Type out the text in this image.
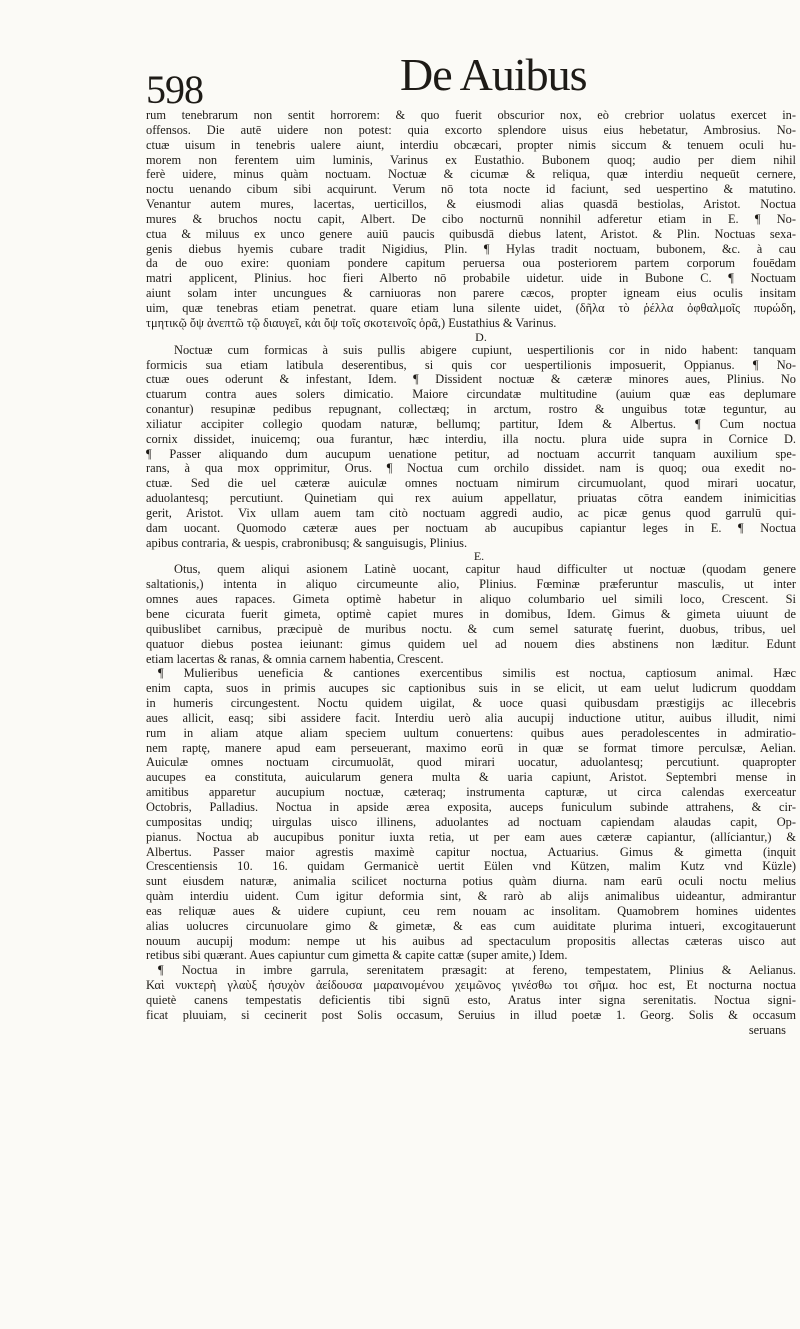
598	De Auibus
rum tenebrarum non sentit horrorem: & quo fuerit obscurior nox, eò crebrior uolatus exercet in-
offensos. Die autē uidere non potest: quia excorto splendore uisus eius hebetatur, Ambrosius. No-
ctuæ uisum in tenebris ualere aiunt, interdiu obcæcari, propter nimis siccum & tenuem oculi hu-
morem non ferentem uim luminis, Varinus ex Eustathio. Bubonem quoq; audio per diem nihil
ferè uidere, minus quàm noctuam. Noctuæ & cicumæ & reliqua, quæ interdiu nequeūt cernere,
noctu uenando cibum sibi acquirunt. Verum nō tota nocte id faciunt, sed uespertino & matutino.
Venantur autem mures, lacertas, uerticillos, & eiusmodi alias quasdā bestiolas, Aristot. Noctua
mures & bruchos noctu capit, Albert. De cibo nocturnū nonnihil adferetur etiam in E. ¶ No-
ctua & miluus ex unco genere auiū paucis quibusdā diebus latent, Aristot. & Plin. Noctuas sexa-
genis diebus hyemis cubare tradit Nigidius, Plin. ¶ Hylas tradit noctuam, bubonem, &c. à cau
da de ouo exire: quoniam pondere capitum peruersa oua posteriorem partem corporum fouēdam
matri applicent, Plinius. hoc fieri Alberto nō probabile uidetur. uide in Bubone C. ¶ Noctuam
aiunt solam inter uncungues & carniuoras non parere cæcos, propter igneam eius oculis insitam
uim, quæ tenebras etiam penetrat. quare etiam luna silente uidet, (δῆλα τὸ ῥέλλα ὀφθαλμοῖς πυρώδη,
τμητικῷ ὄψ ἀνεπτῶ τῷ διαυγεῖ, κἀι ὄψ τοῖς σκοτεινοῖς ὁρᾶ,) Eustathius & Varinus.
D.
Noctuæ cum formicas à suis pullis abigere cupiunt, uespertilionis cor in nido habent: tanquam
formicis sua etiam latibula deserentibus, si quis cor uespertilionis imposuerit, Oppianus. ¶ No-
ctuæ oues oderunt & infestant, Idem. ¶ Dissident noctuæ & cæteræ minores aues, Plinius. No
ctuarum contra aues solers dimicatio. Maiore circundatæ multitudine (auium quæ eas deplumare
conantur) resupinæ pedibus repugnant, collectæq; in arctum, rostro & unguibus totæ teguntur, au
xiliatur accipiter collegio quodam naturæ, bellumq; partitur, Idem & Albertus. ¶ Cum noctua
cornix dissidet, inuicemq; oua furantur, hæc interdiu, illa noctu. plura uide supra in Cornice D.
¶ Passer aliquando dum aucupum uenatione petitur, ad noctuam accurrit tanquam auxilium spe-
rans, à qua mox opprimitur, Orus. ¶ Noctua cum orchilo dissidet. nam is quoq; oua exedit no-
ctuæ. Sed die uel cæteræ auiculæ omnes noctuam nimirum circumuolant, quod mirari uocatur,
aduolantesq; percutiunt. Quinetiam qui rex auium appellatur, priuatas cōtra eandem inimicitias
gerit, Aristot. Vix ullam auem tam citò noctuam aggredi audio, ac picæ genus quod garrulū qui-
dam uocant. Quomodo cæteræ aues per noctuam ab aucupibus capiantur leges in E. ¶ Noctua
apibus contraria, & uespis, crabronibusq; & sanguisugis, Plinius.
E.
Otus, quem aliqui asionem Latinè uocant, capitur haud difficulter ut noctuæ (quodam genere
saltationis,) intenta in aliquo circumeunte alio, Plinius. Fœminæ præferuntur masculis, ut inter
omnes aues rapaces. Gimeta optimè habetur in aliquo columbario uel simili loco, Crescent. Si
bene cicurata fuerit gimeta, optimè capiet mures in domibus, Idem. Gimus & gimeta uiuunt de
quibuslibet carnibus, præcipuè de muribus noctu. & cum semel saturatę fuerint, duobus, tribus, uel
quatuor diebus postea ieiunant: gimus quidem uel ad nouem dies abstinens non læditur. Edunt
etiam lacertas & ranas, & omnia carnem habentia, Crescent.
¶ Mulieribus ueneficia & cantiones exercentibus similis est noctua, captiosum animal. Hæc
enim capta, suos in primis aucupes sic captionibus suis in se elicit, ut eam uelut ludicrum quoddam
in humeris circungestent. Noctu quidem uigilat, & uoce quasi quibusdam præstigijs ac illecebris
aues allicit, easq; sibi assidere facit. Interdiu uerò alia aucupij inductione utitur, auibus illudit, nimi
rum in aliam atque aliam speciem uultum conuertens: quibus aues peradolescentes in admiratio-
nem raptę, manere apud eam perseuerant, maximo eorū in quæ se format timore perculsæ, Aelian.
Auiculæ omnes noctuam circumuolāt, quod mirari uocatur, aduolantesq; percutiunt. quapropter
aucupes ea constituta, auicularum genera multa & uaria capiunt, Aristot. Septembri mense in
amitibus apparetur aucupium noctuæ, cæteraq; instrumenta capturæ, ut circa calendas exerceatur
Octobris, Palladius. Noctua in apside ærea exposita, auceps funiculum subinde attrahens, & cir-
cumpositas undiq; uirgulas uisco illinens, aduolantes ad noctuam capiendam alaudas capit, Op-
pianus. Noctua ab aucupibus ponitur iuxta retia, ut per eam aues cæteræ capiantur, (allíciantur,) &
Albertus. Passer maior agrestis maximè capitur noctua, Actuarius. Gimus & gimetta (inquit
Crescentiensis 10. 16. quidam Germanicè uertit Eülen vnd Kützen, malim Kutz vnd Küzle)
sunt eiusdem naturæ, animalia scilicet nocturna potius quàm diurna. nam earū oculi noctu melius
quàm interdiu uident. Cum igitur deformia sint, & rarò ab alijs animalibus uideantur, admirantur
eas reliquæ aues & uidere cupiunt, ceu rem nouam ac insolitam. Quamobrem homines uidentes
alias uolucres circunuolare gimo & gimetæ, & eas cum auiditate plurima intueri, excogitauerunt
nouum aucupij modum: nempe ut his auibus ad spectaculum propositis allectas cæteras uisco aut
retibus sibi quærant. Aues capiuntur cum gimetta & capite cattæ (super amite,) Idem.
¶ Noctua in imbre garrula, serenitatem præsagit: at fereno, tempestatem, Plinius & Aelianus.
Καὶ νυκτερὴ γλαὺξ ἡσυχὸν ἀείδουσα μαραινομένου χειμῶνος γινέσθω τοι σῆμα. hoc est, Et nocturna noctua
quietè canens tempestatis deficientis tibi signū esto, Aratus inter signa serenitatis. Noctua signi-
ficat pluuiam, si cecinerit post Solis occasum, Seruius in illud poetæ 1. Georg. Solis & occasum
seruans
